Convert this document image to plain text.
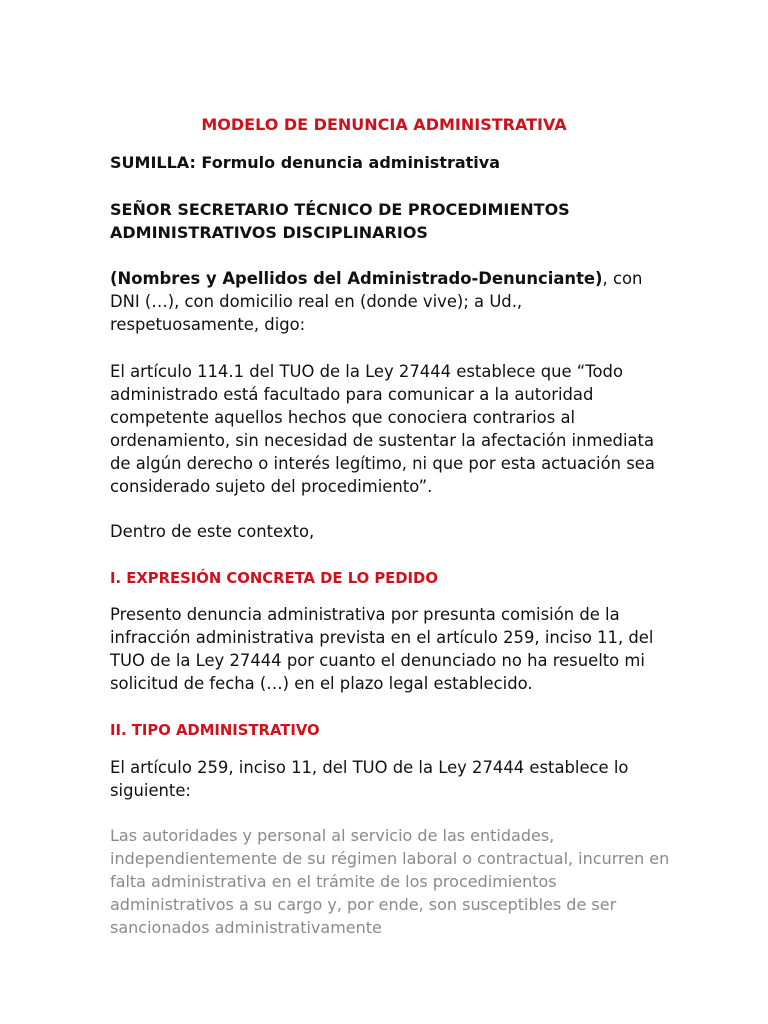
MODELO DE DENUNCIA ADMINISTRATIVA

SUMILLA: Formulo denuncia administrativa

SEÑOR SECRETARIO TÉCNICO DE PROCEDIMIENTOS
ADMINISTRATIVOS DISCIPLINARIOS

(Nombres y Apellidos del Administrado-Denunciante), con DNI (…), con domicilio real en (donde vive); a Ud., respetuosamente, digo:

El artículo 114.1 del TUO de la Ley 27444 establece que “Todo administrado está facultado para comunicar a la autoridad competente aquellos hechos que conociera contrarios al ordenamiento, sin necesidad de sustentar la afectación inmediata de algún derecho o interés legítimo, ni que por esta actuación sea considerado sujeto del procedimiento”.

Dentro de este contexto,

I. EXPRESIÓN CONCRETA DE LO PEDIDO

Presento denuncia administrativa por presunta comisión de la infracción administrativa prevista en el artículo 259, inciso 11, del TUO de la Ley 27444 por cuanto el denunciado no ha resuelto mi solicitud de fecha (…) en el plazo legal establecido.

II. TIPO ADMINISTRATIVO

El artículo 259, inciso 11, del TUO de la Ley 27444 establece lo siguiente:

Las autoridades y personal al servicio de las entidades, independientemente de su régimen laboral o contractual, incurren en falta administrativa en el trámite de los procedimientos administrativos a su cargo y, por ende, son susceptibles de ser sancionados administrativamente
